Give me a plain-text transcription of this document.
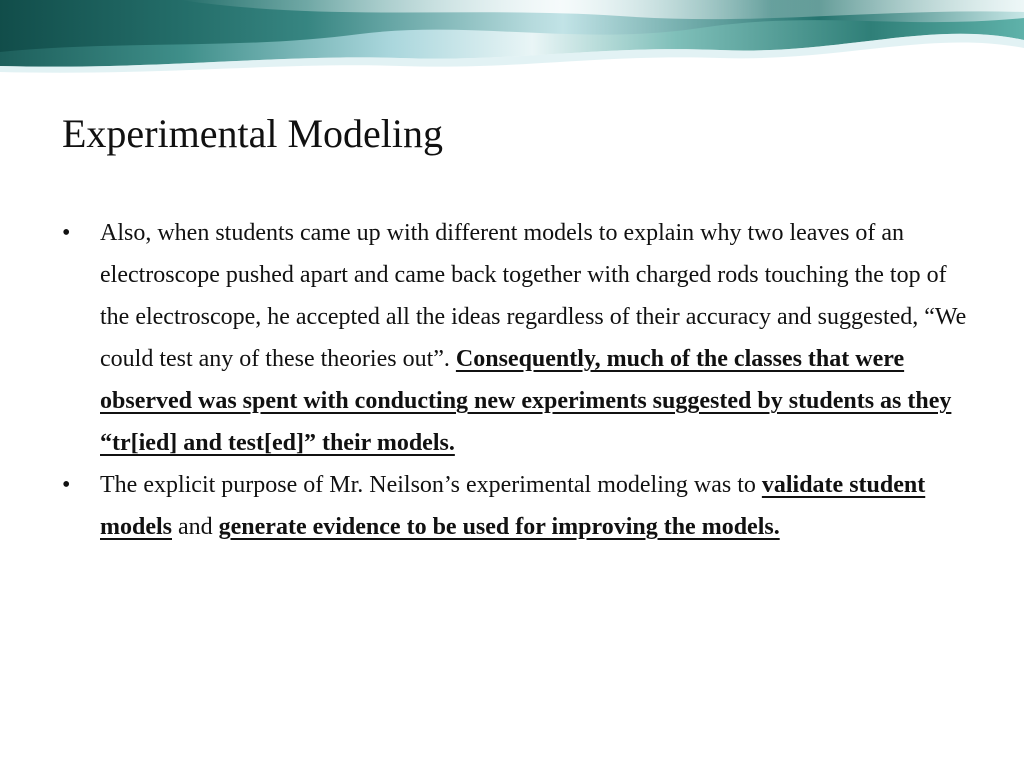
Experimental Modeling
• Also, when students came up with different models to explain why two leaves of an electroscope pushed apart and came back together with charged rods touching the top of the electroscope, he accepted all the ideas regardless of their accuracy and suggested, “We could test any of these theories out”. Consequently, much of the classes that were observed was spent with conducting new experiments suggested by students as they “tr[ied] and test[ed]” their models.
• The explicit purpose of Mr. Neilson’s experimental modeling was to validate student models and generate evidence to be used for improving the models.
